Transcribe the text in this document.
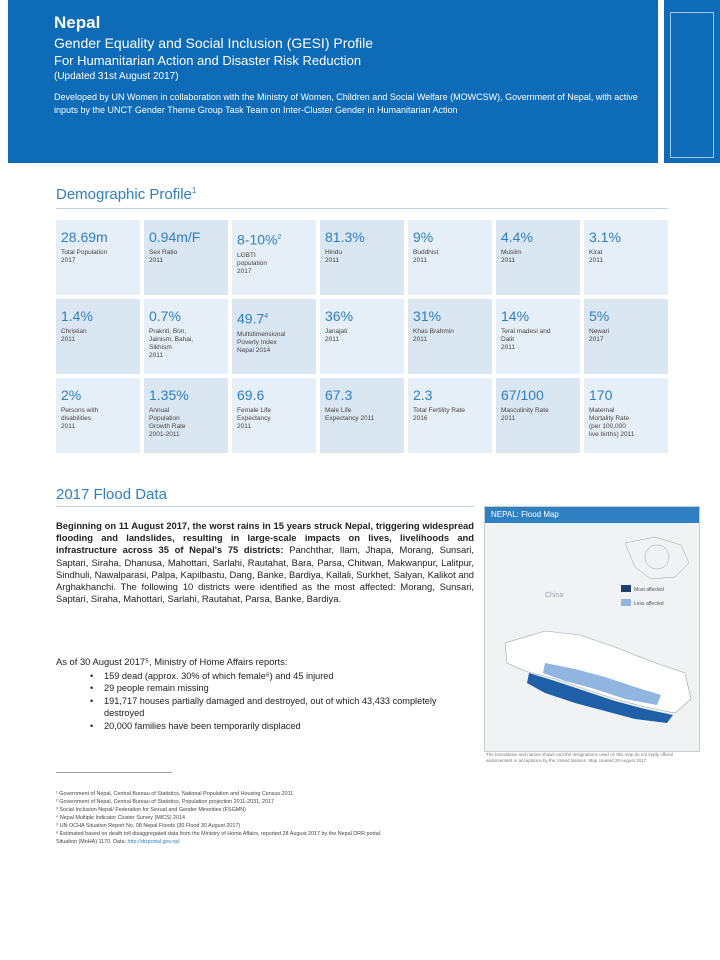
Nepal
Gender Equality and Social Inclusion (GESI) Profile
For Humanitarian Action and Disaster Risk Reduction
(Updated 31st August 2017)
Developed by UN Women in collaboration with the Ministry of Women, Children and Social Welfare (MOWCSW), Government of Nepal, with active inputs by the UNCT Gender Theme Group Task Team on Inter-Cluster Gender in Humanitarian Action
Demographic Profile$^1$
28.69m
Total Population
2017
0.94m/F
Sex Ratio
2011
8-10%$^2$
LGBTI
population
2017
81.3%
Hindu
2011
9%
Buddhist
2011
4.4%
Muslim
2011
3.1%
Kirat
2011
1.4%
Christian
2011
0.7%
Prakriti, Bon,
Jainism, Bahai,
Sikhism
2011
49.7$^4$
Multidimensional
Poverty Index
Nepal 2014
36%
Janajati
2011
31%
Khas Brahmin
2011
14%
Terai madesi and
Dalit
2011
5%
Newari
2017
2%
Persons with
disabilities
2011
1.35%
Annual
Population
Growth Rate
2001-2011
69.6
Female Life
Expectancy
2011
67.3
Male Life
Expectancy 2011
2.3
Total Fertility Rate
2016
67/100
Masculinity Rate
2011
170
Maternal
Mortality Rate
(per 100,000
live births) 2011
2017 Flood Data
Beginning on 11 August 2017, the worst rains in 15 years struck Nepal, triggering widespread flooding and landslides, resulting in large-scale impacts on lives, livelihoods and infrastructure across 35 of Nepal's 75 districts: Panchthar, Ilam, Jhapa, Morang, Sunsari, Saptari, Siraha, Dhanusa, Mahottari, Sarlahi, Rautahat, Bara, Parsa, Chitwan, Makwanpur, Lalitpur, Sindhuli, Nawalparasi, Palpa, Kapilbastu, Dang, Banke, Bardiya, Kailali, Surkhet, Salyan, Kalikot and Arghakhanchi. The following 10 districts were identified as the most affected: Morang, Sunsari, Saptari, Siraha, Mahottari, Sarlahi, Rautahat, Parsa, Banke, Bardiya.
As of 30 August 2017⁵, Ministry of Home Affairs reports:
• 159 dead (approx. 30% of which female⁶) and 45 injured
• 29 people remain missing
• 191,717 houses partially damaged and destroyed, out of which 43,433 completely destroyed
• 20,000 families have been temporarily displaced
NEPAL: Flood Map
China
Most affected
Less affected
The boundaries and names shown and the designations used on this map do not imply official endorsement or acceptance by the United Nations. Map created 28 August 2017.
¹ Government of Nepal, Central Bureau of Statistics, National Population and Housing Census 2011
² Government of Nepal, Central Bureau of Statistics, Population projection 2011-2031, 2017
³ Social Inclusion Nepal/ Federation for Sexual and Gender Minorities (FSGMN)
⁴ Nepal Multiple Indicator Cluster Survey (MICS) 2014
⁵ UN OCHA Situation Report No. 08 Nepal Floods (30 Flood 30 August 2017)
⁶ Estimated based on death toll disaggregated data from the Ministry of Home Affairs, reported 28 August 2017 by the Nepal DRR portal.
Situation (MoHA) 1170. Data: http://drrportal.gov.np/
